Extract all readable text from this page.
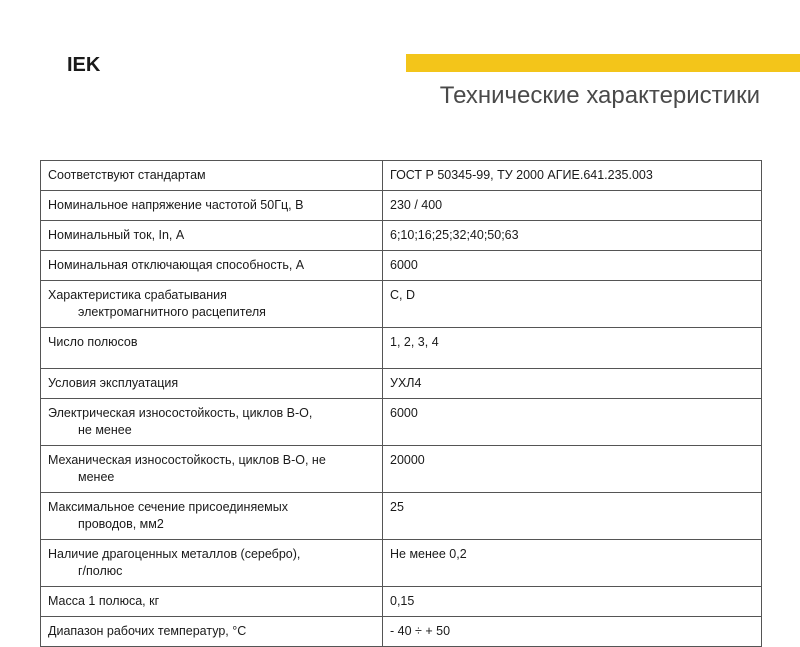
IEK
Технические характеристики
Соответствуют стандартам	ГОСТ Р 50345-99, ТУ 2000 АГИЕ.641.235.003

Номинальное напряжение частотой 50Гц, В	230 / 400

Номинальный ток, In, А	6;10;16;25;32;40;50;63

Номинальная отключающая способность, А	6000

Характеристика срабатывания
электромагнитного расцепителя	C, D

Число полюсов	1, 2, 3, 4

Условия эксплуатация	УХЛ4

Электрическая износостойкость, циклов В-О,
не менее	6000

Механическая износостойкость, циклов В-О, не
менее	20000

Максимальное сечение присоединяемых
проводов, мм2	25

Наличие драгоценных металлов (серебро),
г/полюс	Не менее 0,2

Масса 1 полюса, кг	0,15

Диапазон рабочих температур, °С	- 40 ÷ + 50
